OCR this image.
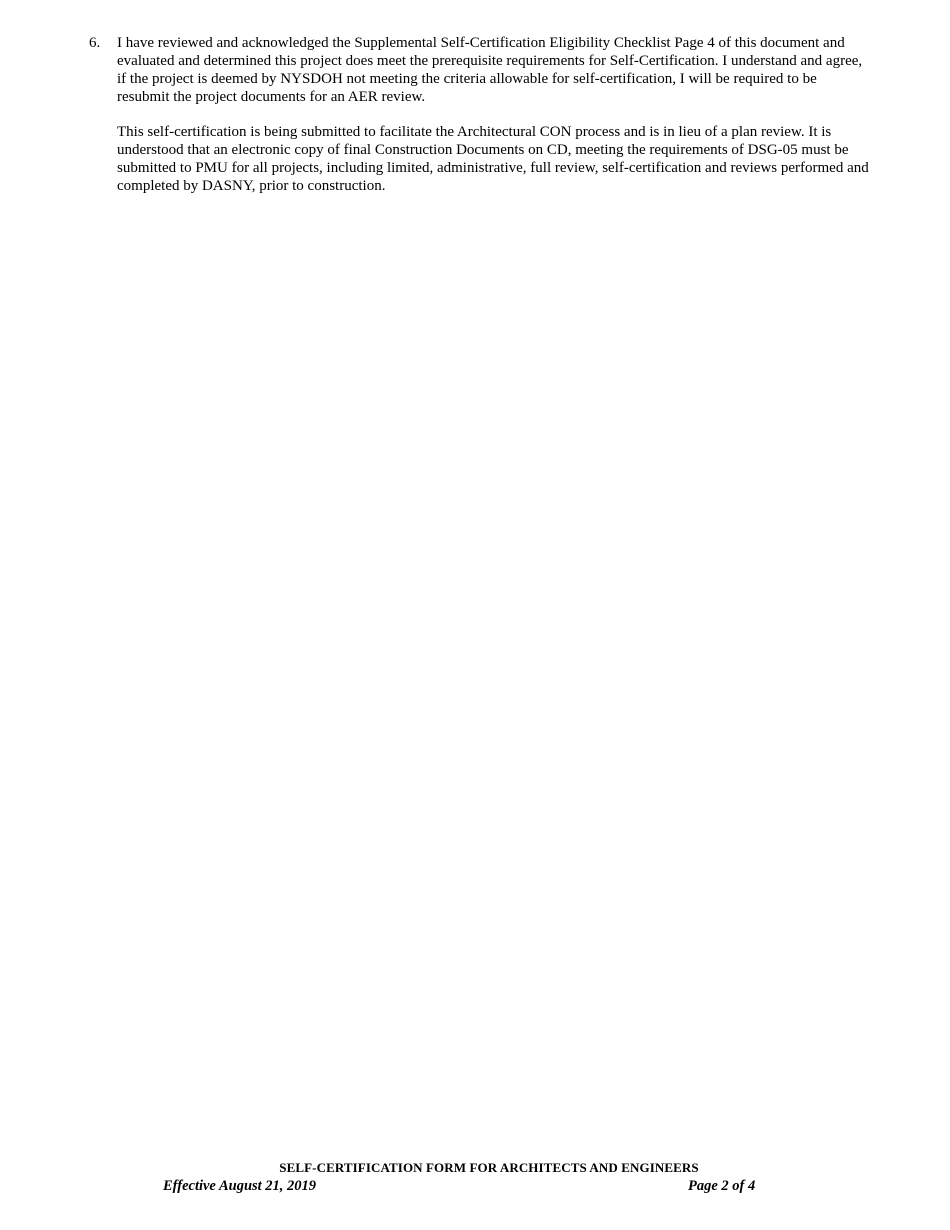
6.	I have reviewed and acknowledged the Supplemental Self-Certification Eligibility Checklist Page 4 of this document and evaluated and determined this project does meet the prerequisite requirements for Self-Certification. I understand and agree, if the project is deemed by NYSDOH not meeting the criteria allowable for self-certification, I will be required to be resubmit the project documents for an AER review.

This self-certification is being submitted to facilitate the Architectural CON process and is in lieu of a plan review. It is understood that an electronic copy of final Construction Documents on CD, meeting the requirements of DSG-05 must be submitted to PMU for all projects, including limited, administrative, full review, self-certification and reviews performed and completed by DASNY, prior to construction.

SELF-CERTIFICATION FORM FOR ARCHITECTS AND ENGINEERS
Effective August 21, 2019	Page 2 of 4
